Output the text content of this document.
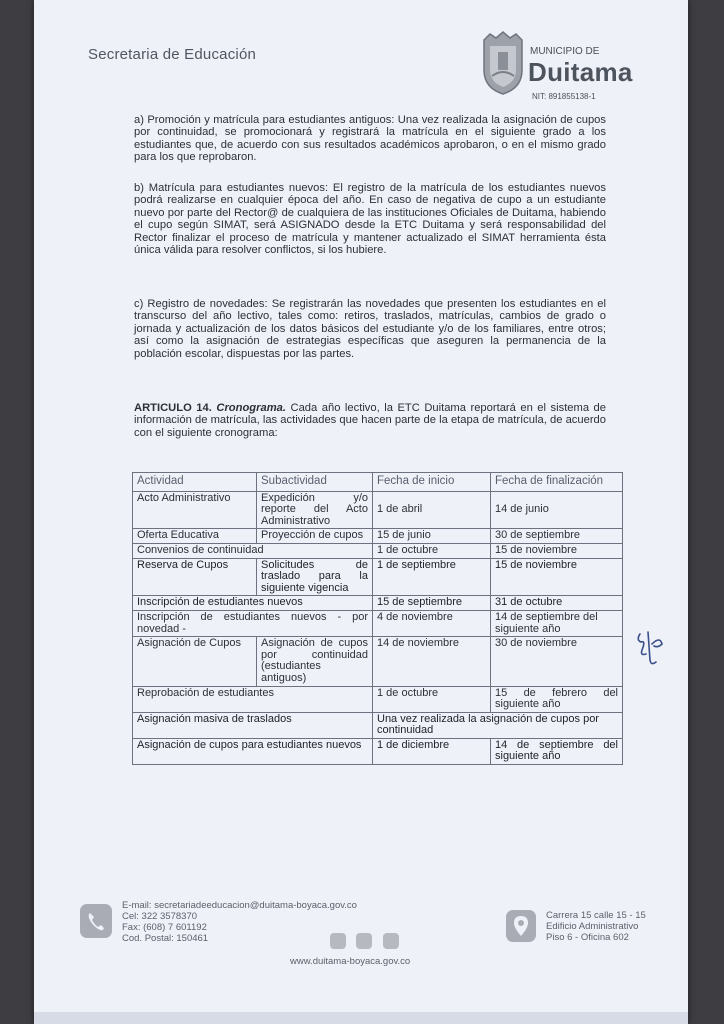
Secretaria de Educación	MUNICIPIO DE
Duitama
NIT: 891855138-1

a) Promoción y matrícula para estudiantes antiguos: Una vez realizada la asignación de cupos por continuidad, se promocionará y registrará la matrícula en el siguiente grado a los estudiantes que, de acuerdo con sus resultados académicos aprobaron, o en el mismo grado para los que reprobaron.

b) Matrícula para estudiantes nuevos: El registro de la matrícula de los estudiantes nuevos podrá realizarse en cualquier época del año. En caso de negativa de cupo a un estudiante nuevo por parte del Rector@ de cualquiera de las instituciones Oficiales de Duitama, habiendo el cupo según SIMAT, será ASIGNADO desde la ETC Duitama y será responsabilidad del Rector finalizar el proceso de matrícula y mantener actualizado el SIMAT herramienta ésta única válida para resolver conflictos, si los hubiere.

c) Registro de novedades: Se registrarán las novedades que presenten los estudiantes en el transcurso del año lectivo, tales como: retiros, traslados, matrículas, cambios de grado o jornada y actualización de los datos básicos del estudiante y/o de los familiares, entre otros; así como la asignación de estrategias específicas que aseguren la permanencia de la población escolar, dispuestas por las partes.

ARTICULO 14. Cronograma. Cada año lectivo, la ETC Duitama reportará en el sistema de información de matrícula, las actividades que hacen parte de la etapa de matrícula, de acuerdo con el siguiente cronograma:

Actividad	Subactividad	Fecha de inicio	Fecha de finalización
Acto Administrativo	Expedición y/o reporte del Acto Administrativo	1 de abril	14 de junio
Oferta Educativa	Proyección de cupos	15 de junio	30 de septiembre
Convenios de continuidad		1 de octubre	15 de noviembre
Reserva de Cupos	Solicitudes de traslado para la siguiente vigencia	1 de septiembre	15 de noviembre
Inscripción de estudiantes nuevos		15 de septiembre	31 de octubre
Inscripción de estudiantes nuevos - por novedad -		4 de noviembre	14 de septiembre del siguiente año
Asignación de Cupos	Asignación de cupos por continuidad (estudiantes antiguos)	14 de noviembre	30 de noviembre
Reprobación de estudiantes		1 de octubre	15 de febrero del siguiente año
Asignación masiva de traslados		Una vez realizada la asignación de cupos por continuidad	
Asignación de cupos para estudiantes nuevos		1 de diciembre	14 de septiembre del siguiente año
E-mail: secretariadeeducacion@duitama-boyaca.gov.co
Cel: 322 3578370
Fax: (608) 7 601192
Cod. Postal: 150461

www.duitama-boyaca.gov.co
Carrera 15 calle 15 - 15
Edificio Administrativo
Piso 6 - Oficina 602
